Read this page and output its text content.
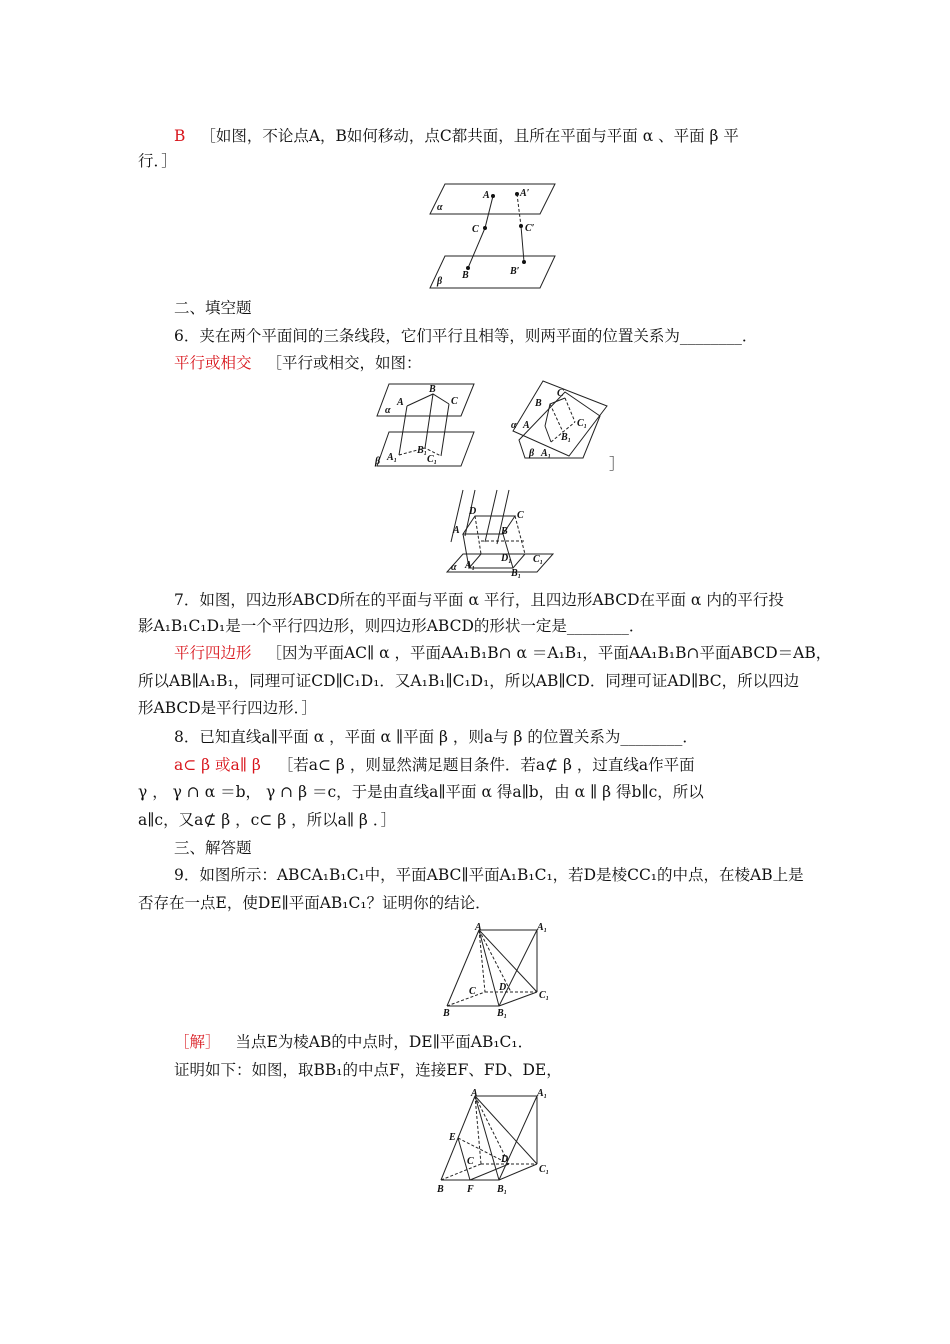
B ［如图，不论点A，B如何移动，点C都共面，且所在平面与平面 α 、平面 β 平
行．］
A	A′
α
C	C′
B	B′
β
二、填空题
6．夹在两个平面间的三条线段，它们平行且相等，则两平面的位置关系为________．
平行或相交 ［平行或相交，如图：
A
B
C
α
β A₁
B₁
C₁
B
C
A	C₁
B₁
α
β A₁
］
D	C
A	B
D₁ C₁
α A₁
B₁
7．如图，四边形ABCD所在的平面与平面 α 平行，且四边形ABCD在平面 α 内的平行投
影A₁B₁C₁D₁是一个平行四边形，则四边形ABCD的形状一定是________．
平行四边形 ［因为平面AC∥ α ，平面AA₁B₁B∩ α ＝A₁B₁，平面AA₁B₁B∩平面ABCD＝AB，
所以AB∥A₁B₁，同理可证CD∥C₁D₁．又A₁B₁∥C₁D₁，所以AB∥CD．同理可证AD∥BC，所以四边
形ABCD是平行四边形．］
8．已知直线a∥平面 α ，平面 α ∥平面 β ，则a与 β 的位置关系为________．
a⊂ β 或a∥ β ［若a⊂ β ，则显然满足题目条件．若a⊄ β ，过直线a作平面
γ ， γ ∩ α ＝b， γ ∩ β ＝c，于是由直线a∥平面 α 得a∥b，由 α ∥ β 得b∥c，所以
a∥c，又a⊄ β ，c⊂ β ，所以a∥ β ．］
三、解答题
9．如图所示：ABCA₁B₁C₁中，平面ABC∥平面A₁B₁C₁，若D是棱CC₁的中点，在棱AB上是
否存在一点E，使DE∥平面AB₁C₁？证明你的结论．
A	A₁
C D
C₁
B	B₁
［解］ 当点E为棱AB的中点时，DE∥平面AB₁C₁．
证明如下：如图，取BB₁的中点F，连接EF、FD、DE，
A	A₁
E
C	D
C₁
B F B₁
